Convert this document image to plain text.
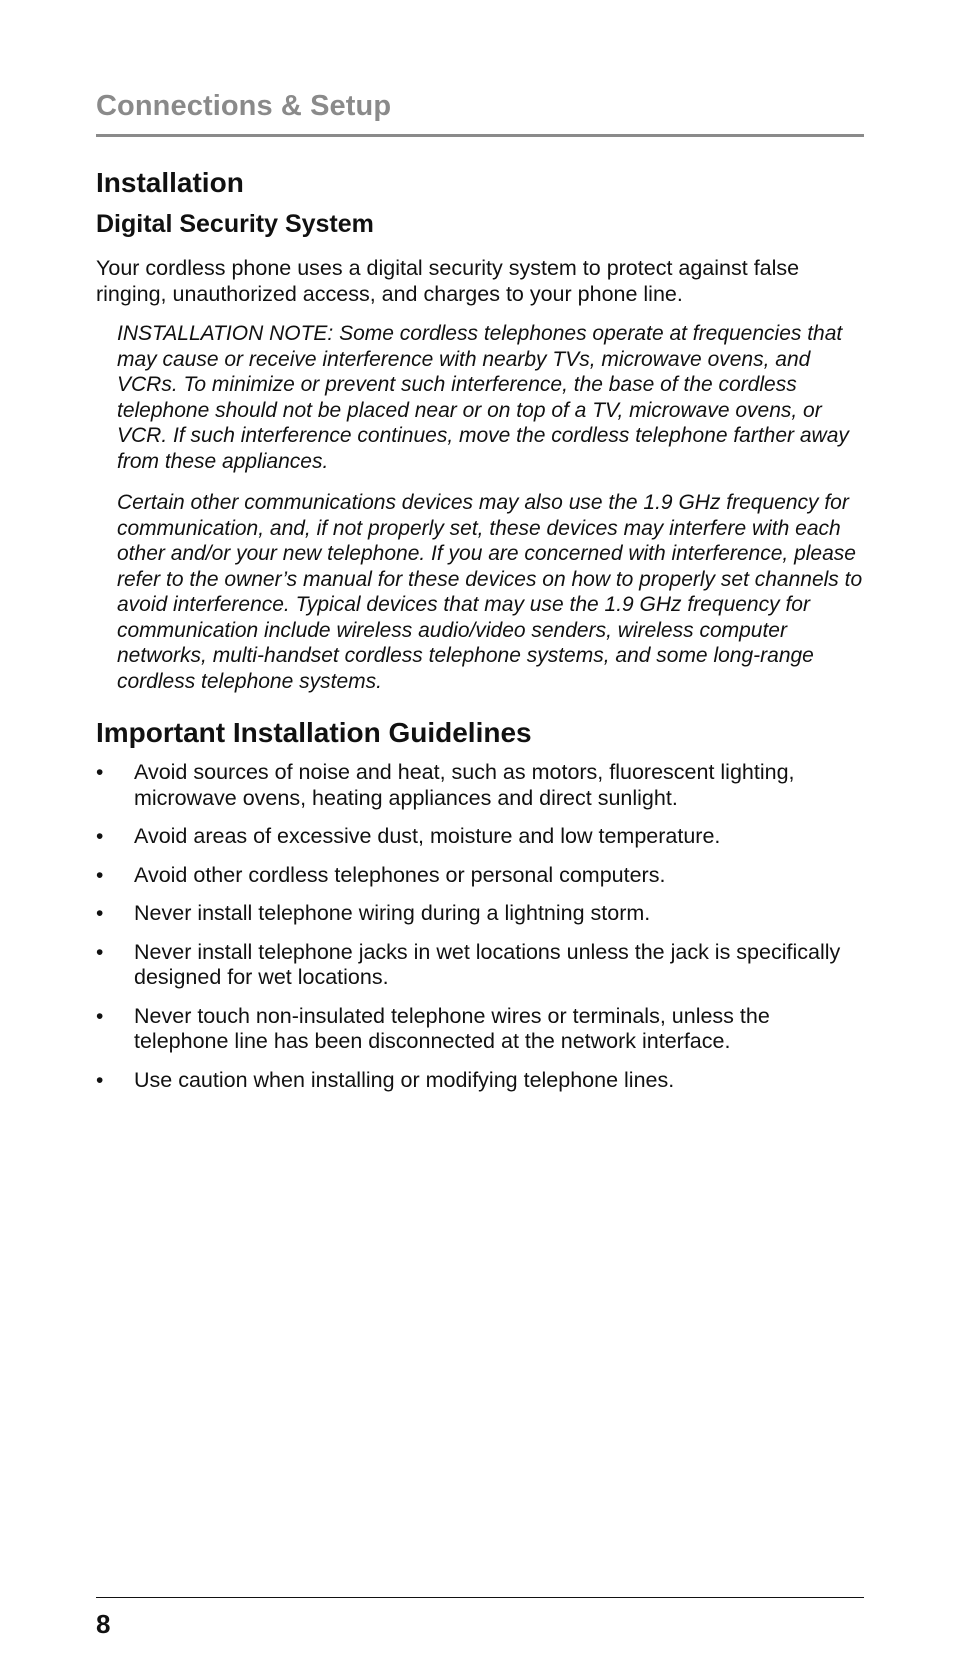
Connections & Setup
Installation
Digital Security System

Your cordless phone uses a digital security system to protect against false ringing, unauthorized access, and charges to your phone line.

INSTALLATION NOTE: Some cordless telephones operate at frequencies that may cause or receive interference with nearby TVs, microwave ovens, and VCRs. To minimize or prevent such interference, the base of the cordless telephone should not be placed near or on top of a TV, microwave ovens, or VCR. If such interference continues, move the cordless telephone farther away from these appliances.
Certain other communications devices may also use the 1.9 GHz frequency for communication, and, if not properly set, these devices may interfere with each other and/or your new telephone. If you are concerned with interference, please refer to the owner’s manual for these devices on how to properly set channels to avoid interference. Typical devices that may use the 1.9 GHz frequency for communication include wireless audio/video senders, wireless computer networks, multi-handset cordless telephone systems, and some long-range cordless telephone systems.
Important Installation Guidelines
• Avoid sources of noise and heat, such as motors, fluorescent lighting, microwave ovens, heating appliances and direct sunlight.
• Avoid areas of excessive dust, moisture and low temperature.
• Avoid other cordless telephones or personal computers.
• Never install telephone wiring during a lightning storm.
• Never install telephone jacks in wet locations unless the jack is specifically designed for wet locations.
• Never touch non-insulated telephone wires or terminals, unless the telephone line has been disconnected at the network interface.
• Use caution when installing or modifying telephone lines.
8
